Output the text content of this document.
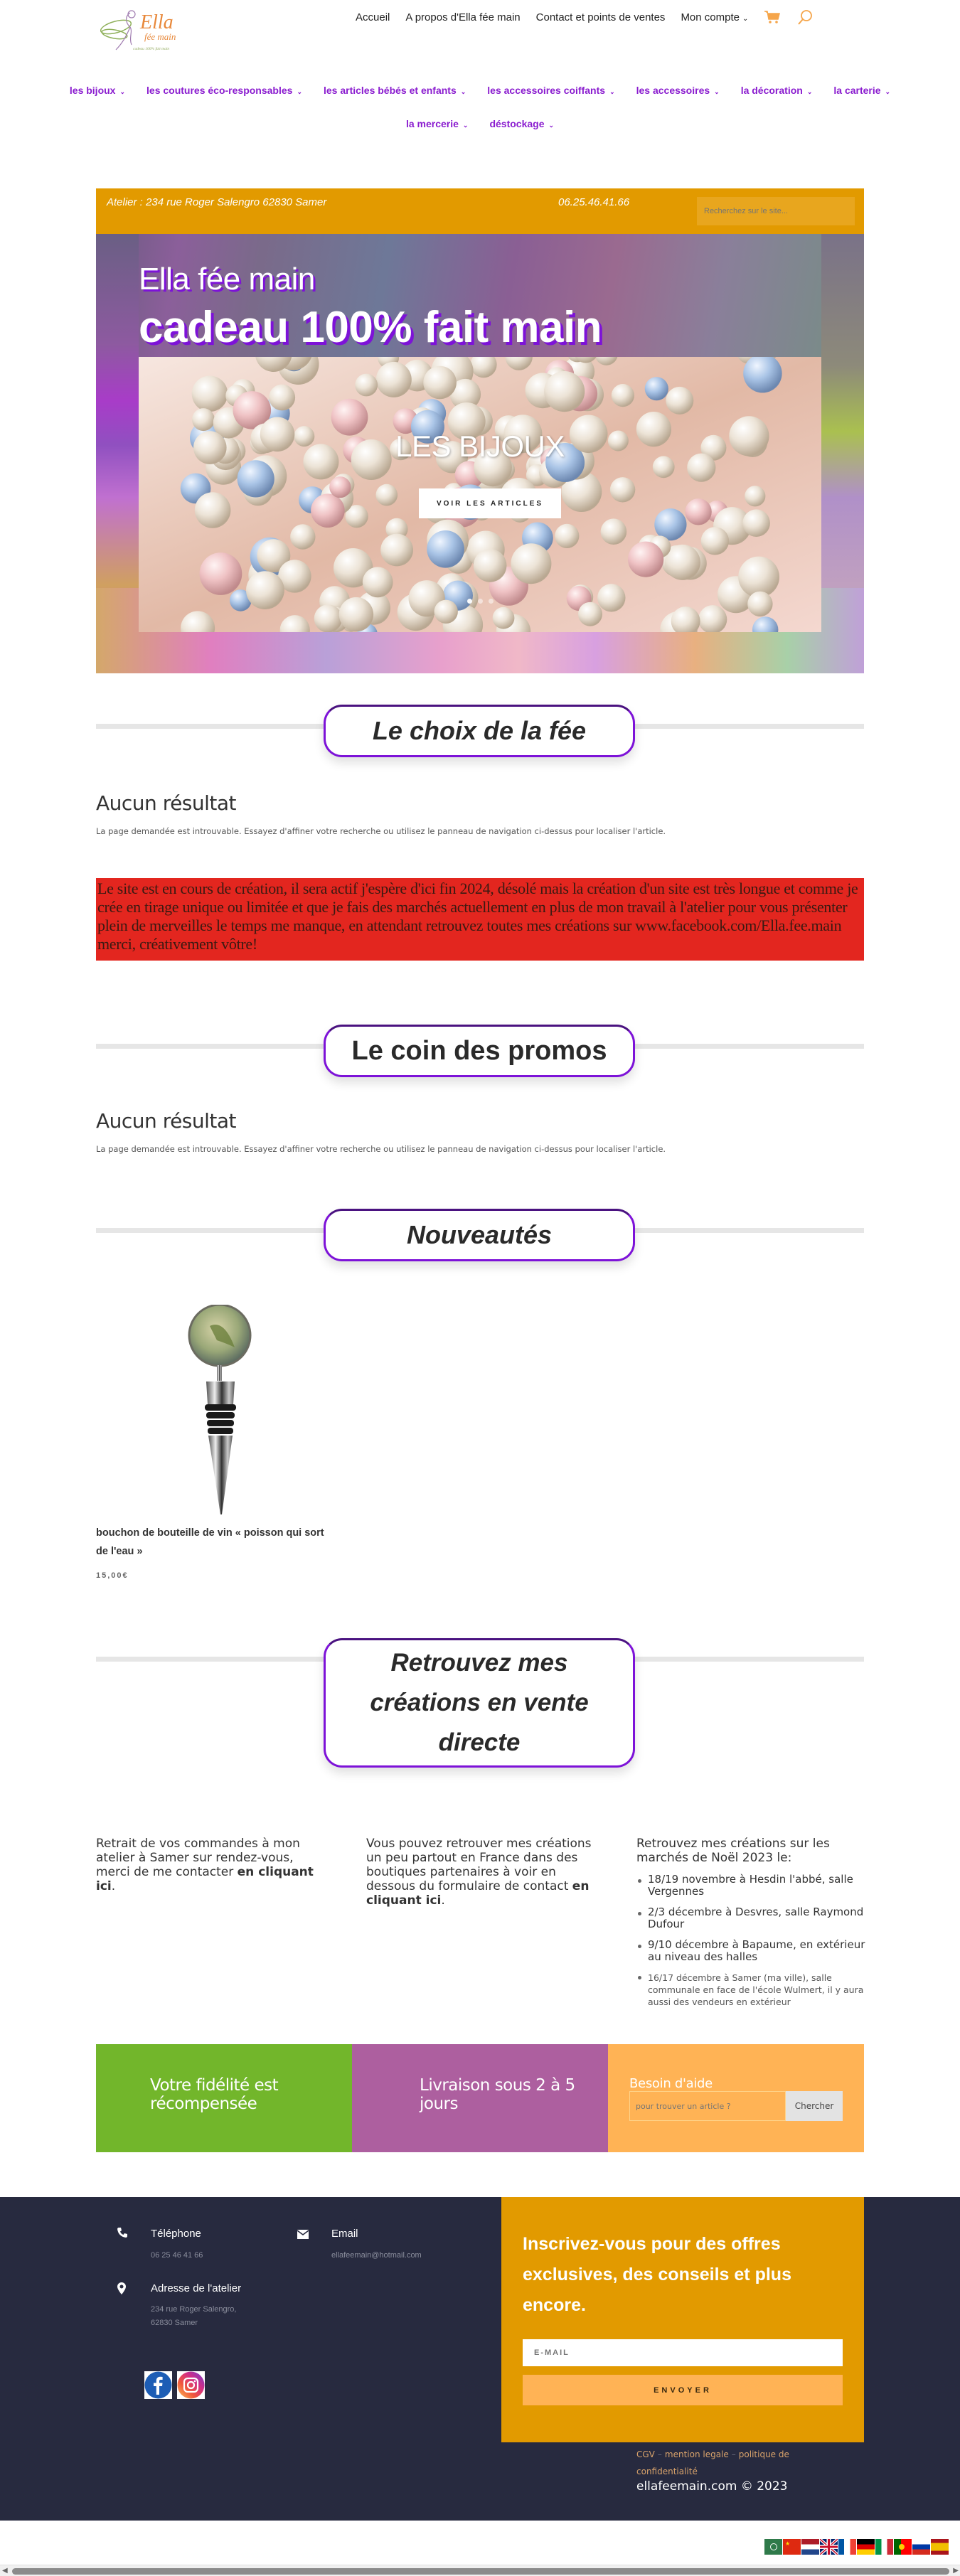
Ella
fée main
cadeau 100% fait main
Accueil A propos d'Ella fée main Contact et points de ventes Mon compte ⌄
les bijoux ⌄ les coutures éco-responsables ⌄ les articles bébés et enfants ⌄ les accessoires coiffants ⌄ les accessoires ⌄ la décoration ⌄ la carterie ⌄
la mercerie ⌄ déstockage ⌄
Atelier : 234 rue Roger Salengro 62830 Samer	06.25.46.41.66
Recherchez sur le site...
Ella fée main
cadeau 100% fait main
LES BIJOUX
VOIR LES ARTICLES
Le choix de la fée
Aucun résultat
La page demandée est introuvable. Essayez d'affiner votre recherche ou utilisez le panneau de navigation ci-dessus pour localiser l'article.
Le site est en cours de création, il sera actif j'espère d'ici fin 2024, désolé mais la création d'un site est très longue et comme je crée en tirage unique ou limitée et que je fais des marchés actuellement en plus de mon travail à l'atelier pour vous présenter plein de merveilles le temps me manque, en attendant retrouvez toutes mes créations sur www.facebook.com/Ella.fee.main merci, créativement vôtre!
Le coin des promos
Aucun résultat
La page demandée est introuvable. Essayez d'affiner votre recherche ou utilisez le panneau de navigation ci-dessus pour localiser l'article.
Nouveautés
bouchon de bouteille de vin « poisson qui sort de l'eau »
15,00€
Retrouvez mes créations en vente directe
Retrait de vos commandes à mon atelier à Samer sur rendez-vous, merci de me contacter en cliquant ici.
Vous pouvez retrouver mes créations un peu partout en France dans des boutiques partenaires à voir en dessous du formulaire de contact en cliquant ici.
Retrouvez mes créations sur les marchés de Noël 2023 le:
18/19 novembre à Hesdin l'abbé, salle Vergennes
2/3 décembre à Desvres, salle Raymond Dufour
9/10 décembre à Bapaume, en extérieur au niveau des halles
16/17 décembre à Samer (ma ville), salle communale en face de l'école Wulmert, il y aura aussi des vendeurs en extérieur
Votre fidélité est récompensée
Livraison sous 2 à 5 jours
Besoin d'aide
pour trouver un article ?
Chercher
Téléphone
06 25 46 41 66
Email
ellafeemain@hotmail.com
Adresse de l'atelier
234 rue Roger Salengro,
62830 Samer
Inscrivez-vous pour des offres exclusives, des conseils et plus encore.
E-MAIL
ENVOYER
CGV – mention legale – politique de confidentialité
ellafeemain.com © 2023
★
◀	▶
